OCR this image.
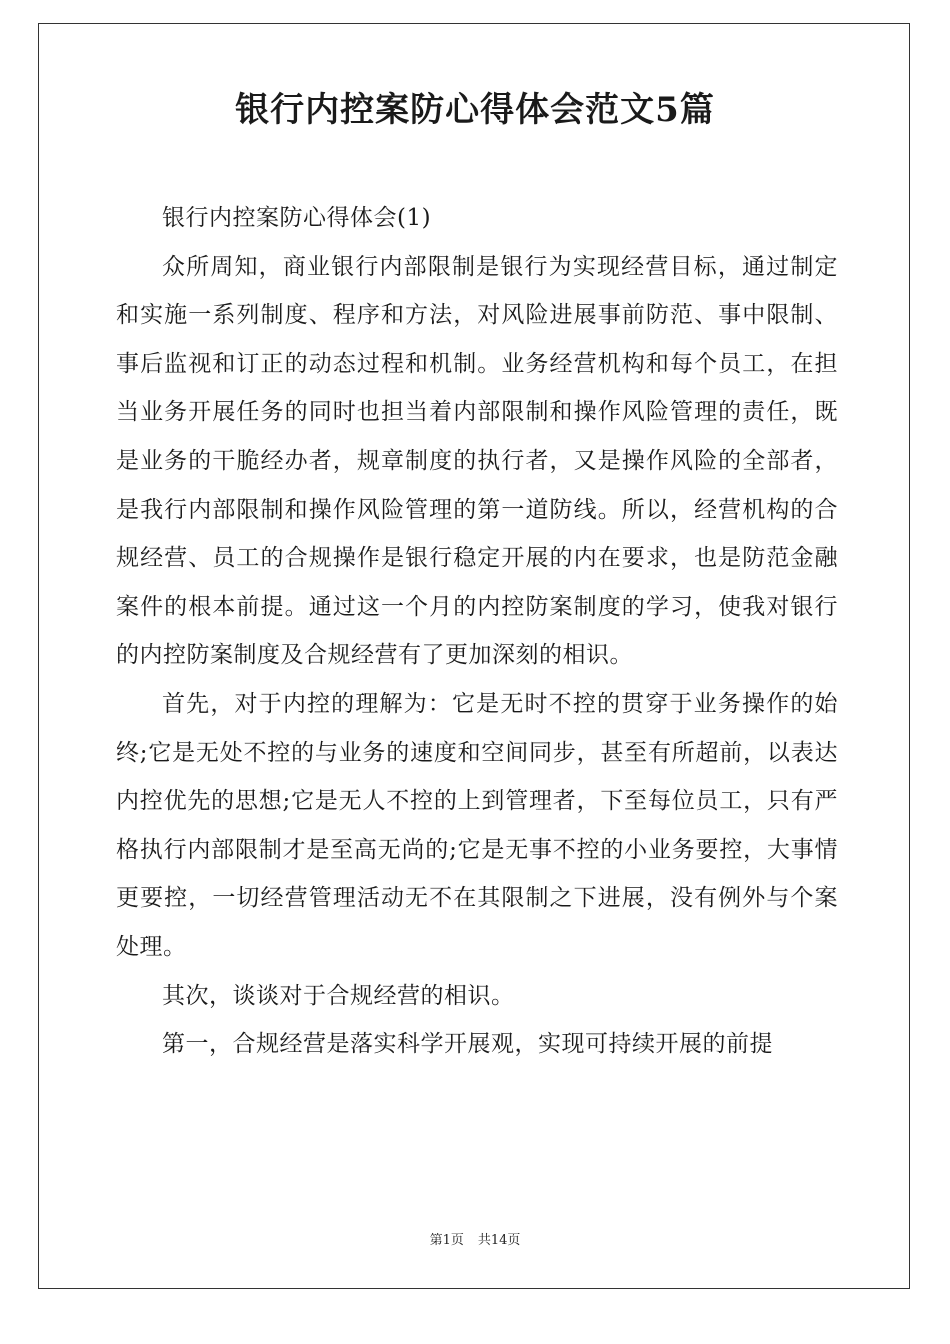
银行内控案防心得体会范文5篇

银行内控案防心得体会(1)

众所周知，商业银行内部限制是银行为实现经营目标，通过制定和实施一系列制度、程序和方法，对风险进展事前防范、事中限制、事后监视和订正的动态过程和机制。业务经营机构和每个员工，在担当业务开展任务的同时也担当着内部限制和操作风险管理的责任，既是业务的干脆经办者，规章制度的执行者，又是操作风险的全部者，是我行内部限制和操作风险管理的第一道防线。所以，经营机构的合规经营、员工的合规操作是银行稳定开展的内在要求，也是防范金融案件的根本前提。通过这一个月的内控防案制度的学习，使我对银行的内控防案制度及合规经营有了更加深刻的相识。

首先，对于内控的理解为：它是无时不控的贯穿于业务操作的始终;它是无处不控的与业务的速度和空间同步，甚至有所超前，以表达内控优先的思想;它是无人不控的上到管理者，下至每位员工，只有严格执行内部限制才是至高无尚的;它是无事不控的小业务要控，大事情更要控，一切经营管理活动无不在其限制之下进展，没有例外与个案处理。

其次，谈谈对于合规经营的相识。

第一，合规经营是落实科学开展观，实现可持续开展的前提

第1页 共14页
